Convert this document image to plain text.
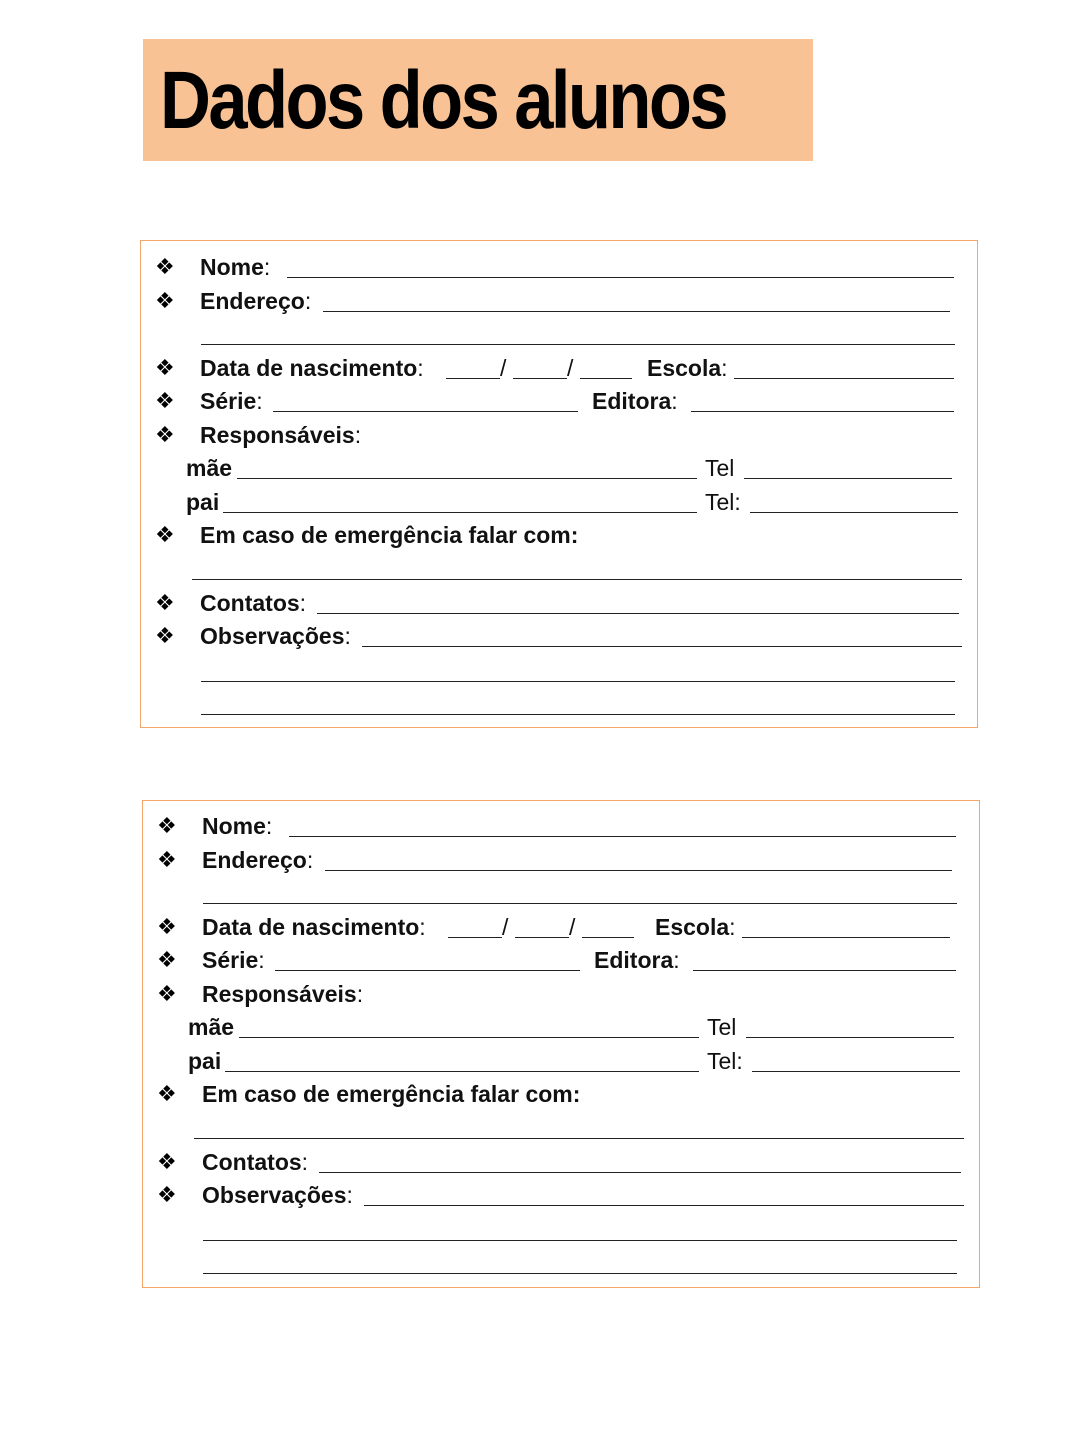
Dados dos alunos
❖ Nome:
❖ Endereço:
❖ Data de nascimento:	/	/	Escola:
❖ Série:	Editora:
❖ Responsáveis:
mãe	Tel
pai	Tel:
❖ Em caso de emergência falar com:
❖ Contatos:
❖ Observações:
❖ Nome:
❖ Endereço:
❖ Data de nascimento:	/	/	Escola:
❖ Série:	Editora:
❖ Responsáveis:
mãe	Tel
pai	Tel:
❖ Em caso de emergência falar com:
❖ Contatos:
❖ Observações:
